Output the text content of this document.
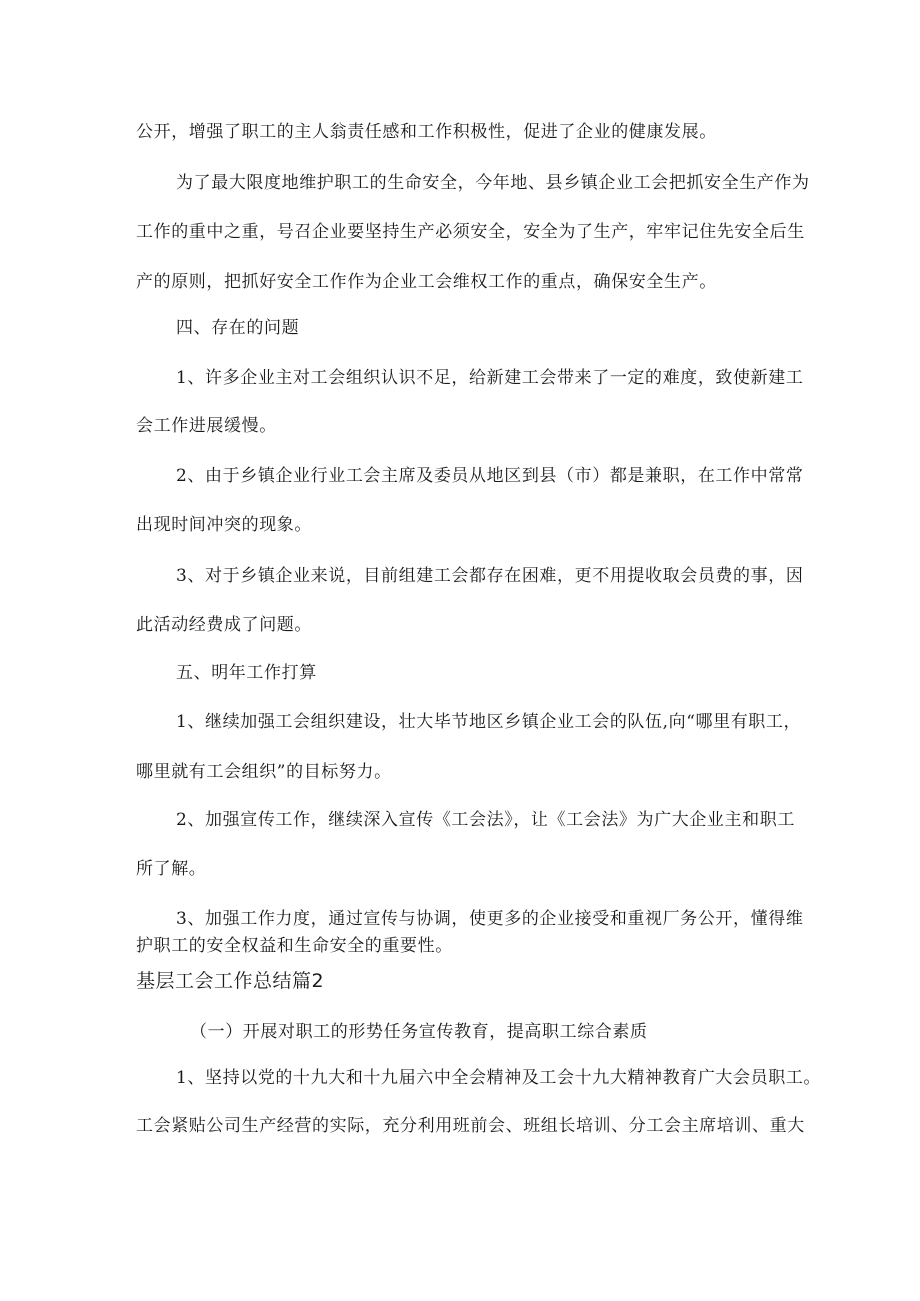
公开，增强了职工的主人翁责任感和工作积极性，促进了企业的健康发展。
为了最大限度地维护职工的生命安全，今年地、县乡镇企业工会把抓安全生产作为
工作的重中之重，号召企业要坚持生产必须安全，安全为了生产，牢牢记住先安全后生
产的原则，把抓好安全工作作为企业工会维权工作的重点，确保安全生产。
四、存在的问题
1、许多企业主对工会组织认识不足，给新建工会带来了一定的难度，致使新建工
会工作进展缓慢。
2、由于乡镇企业行业工会主席及委员从地区到县（市）都是兼职，在工作中常常
出现时间冲突的现象。
3、对于乡镇企业来说，目前组建工会都存在困难，更不用提收取会员费的事，因
此活动经费成了问题。
五、明年工作打算
1、继续加强工会组织建设，壮大毕节地区乡镇企业工会的队伍,向“哪里有职工，
哪里就有工会组织”的目标努力。
2、加强宣传工作，继续深入宣传《工会法》，让《工会法》为广大企业主和职工
所了解。
3、加强工作力度，通过宣传与协调，使更多的企业接受和重视厂务公开，懂得维
护职工的安全权益和生命安全的重要性。
基层工会工作总结篇2
（一）开展对职工的形势任务宣传教育，提高职工综合素质
1、坚持以党的十九大和十九届六中全会精神及工会十九大精神教育广大会员职工。
工会紧贴公司生产经营的实际，充分利用班前会、班组长培训、分工会主席培训、重大
